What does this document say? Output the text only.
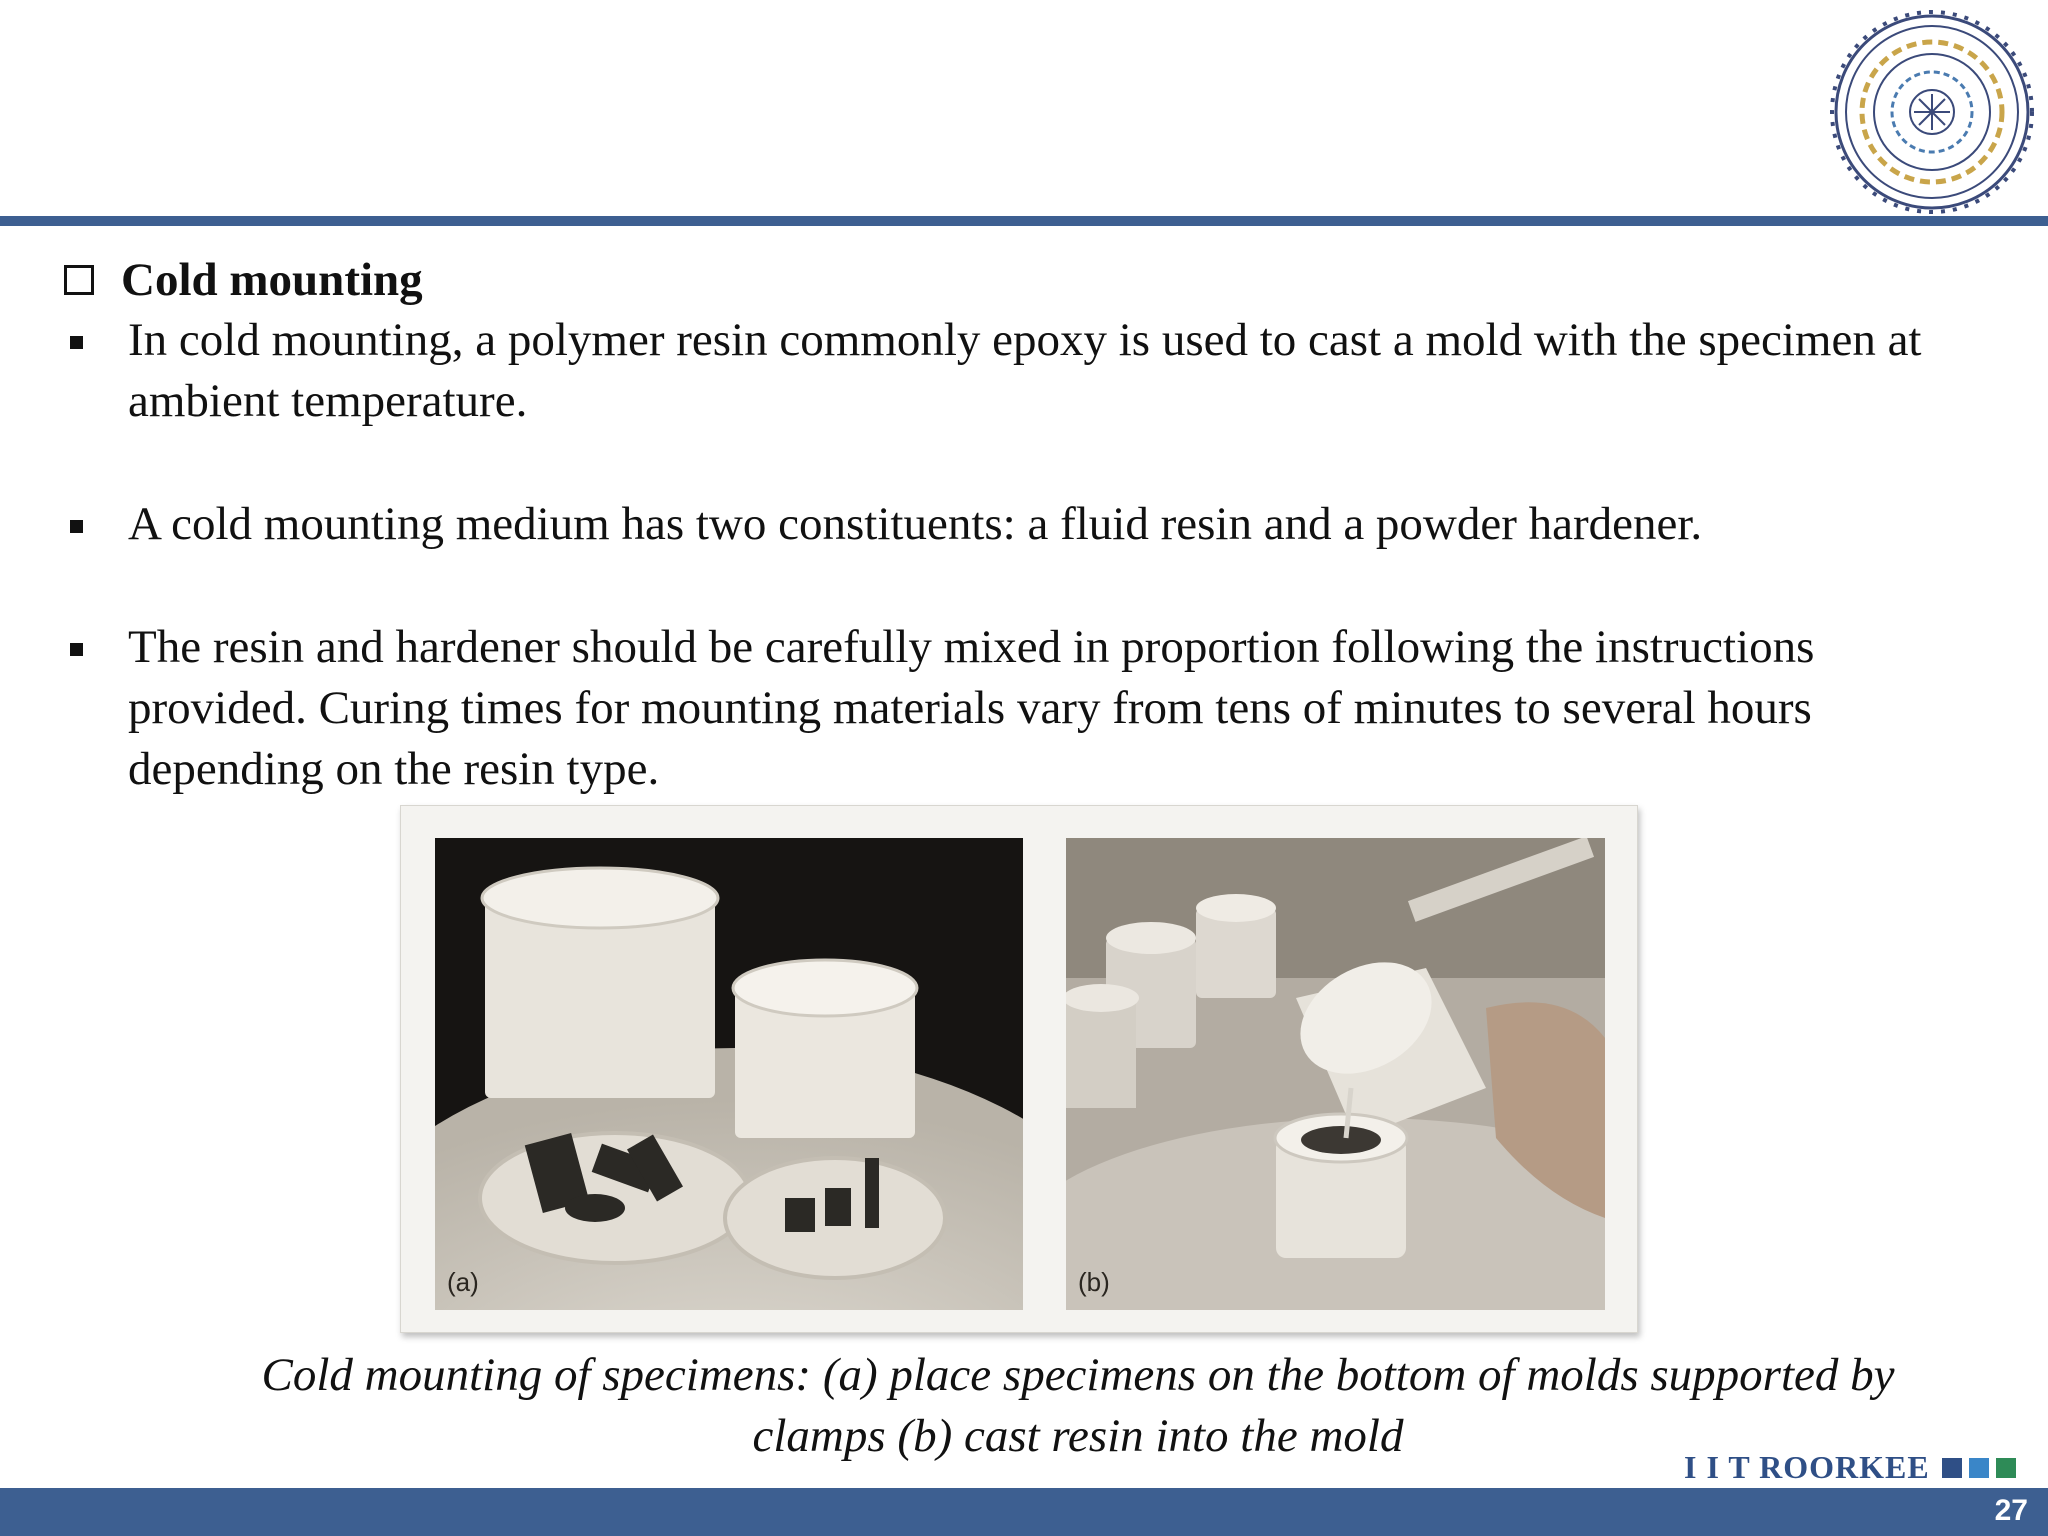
Cold mounting
In cold mounting, a polymer resin commonly epoxy is used to cast a mold with the specimen at ambient temperature.
A cold mounting medium has two constituents: a fluid resin and a powder hardener.
The resin and hardener should be carefully mixed in proportion following the instructions provided. Curing times for mounting materials vary from tens of minutes to several hours depending on the resin type.
(a)	(b)
Cold mounting of specimens: (a) place specimens on the bottom of molds supported by
clamps (b) cast resin into the mold
I I T ROORKEE
27
